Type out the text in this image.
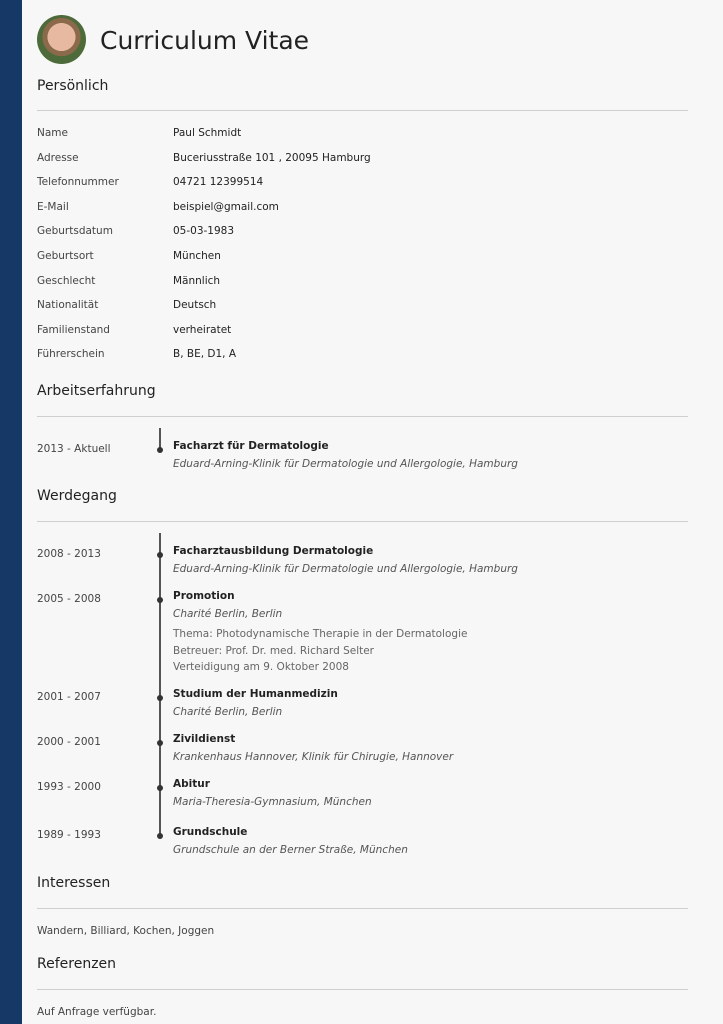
Curriculum Vitae
Persönlich
Name	Paul Schmidt
Adresse	Buceriusstraße 101 , 20095 Hamburg
Telefonnummer	04721 12399514
E-Mail	beispiel@gmail.com
Geburtsdatum	05-03-1983
Geburtsort	München
Geschlecht	Männlich
Nationalität	Deutsch
Familienstand	verheiratet
Führerschein	B, BE, D1, A
Arbeitserfahrung
2013 - Aktuell	Facharzt für Dermatologie
Eduard-Arning-Klinik für Dermatologie und Allergologie, Hamburg
Werdegang
2008 - 2013	Facharztausbildung Dermatologie
Eduard-Arning-Klinik für Dermatologie und Allergologie, Hamburg
2005 - 2008	Promotion
Charité Berlin, Berlin
Thema: Photodynamische Therapie in der Dermatologie
Betreuer: Prof. Dr. med. Richard Selter
Verteidigung am 9. Oktober 2008
2001 - 2007	Studium der Humanmedizin
Charité Berlin, Berlin
2000 - 2001	Zivildienst
Krankenhaus Hannover, Klinik für Chirugie, Hannover
1993 - 2000	Abitur
Maria-Theresia-Gymnasium, München
1989 - 1993	Grundschule
Grundschule an der Berner Straße, München
Interessen
Wandern, Billiard, Kochen, Joggen
Referenzen
Auf Anfrage verfügbar.
